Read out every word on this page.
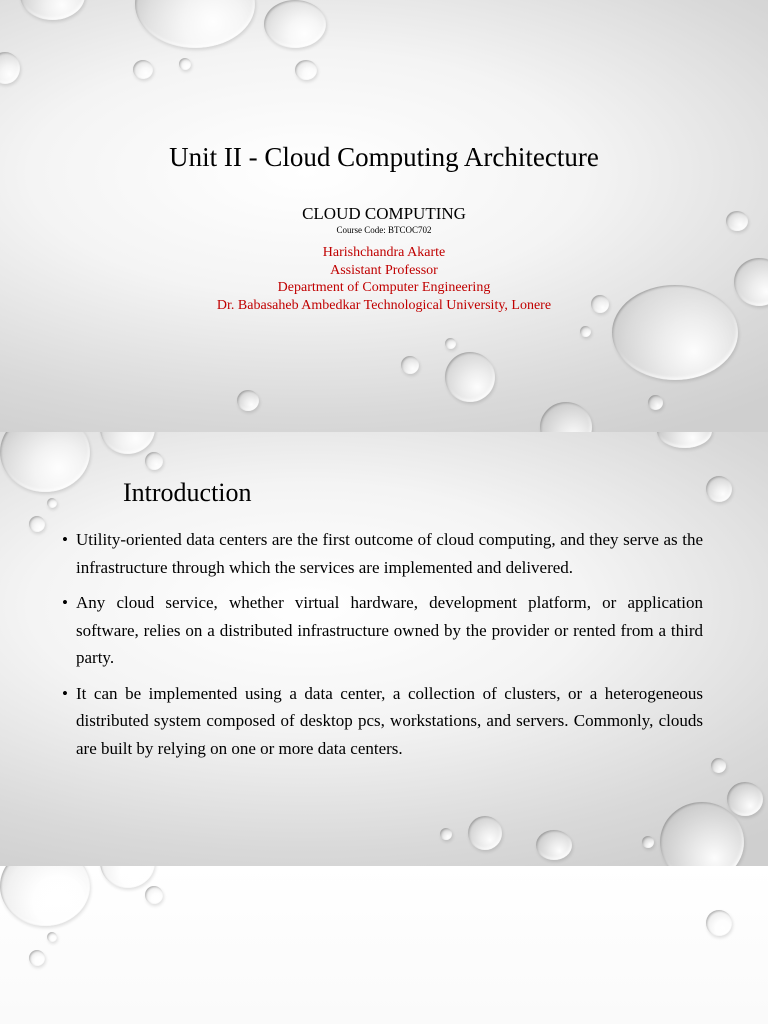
Unit II - Cloud Computing Architecture
CLOUD COMPUTING
Course Code: BTCOC702
Harishchandra Akarte
Assistant Professor
Department of Computer Engineering
Dr. Babasaheb Ambedkar Technological University, Lonere
Introduction
• Utility-oriented data centers are the first outcome of cloud computing, and they serve as the infrastructure through which the services are implemented and delivered.
• Any cloud service, whether virtual hardware, development platform, or application software, relies on a distributed infrastructure owned by the provider or rented from a third party.
• It can be implemented using a data center, a collection of clusters, or a heterogeneous distributed system composed of desktop pcs, workstations, and servers. Commonly, clouds are built by relying on one or more data centers.
